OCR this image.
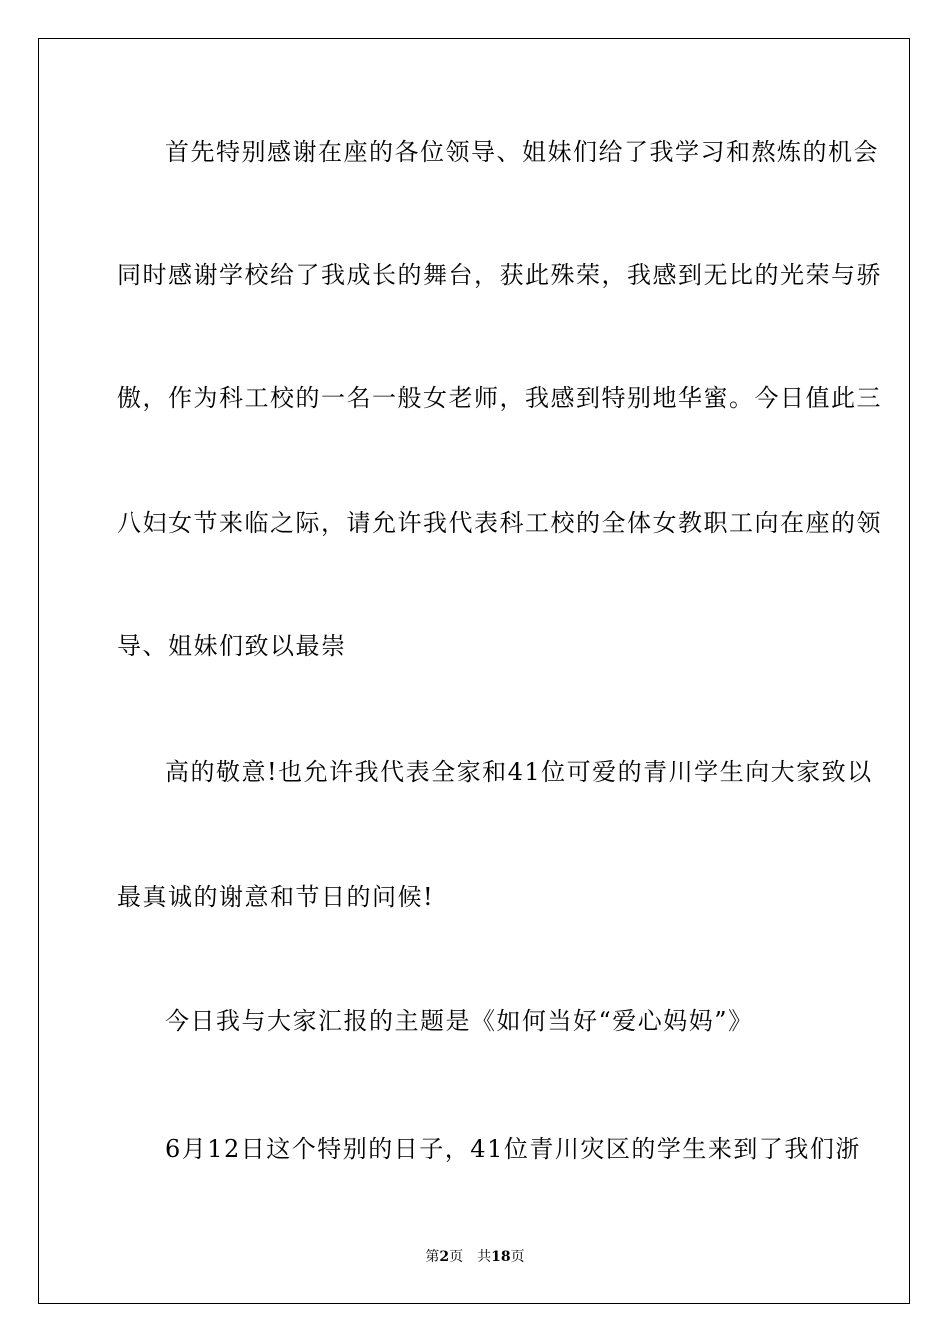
首先特别感谢在座的各位领导、姐妹们给了我学习和熬炼的机会
同时感谢学校给了我成长的舞台，获此殊荣，我感到无比的光荣与骄
傲，作为科工校的一名一般女老师，我感到特别地华蜜。今日值此三
八妇女节来临之际，请允许我代表科工校的全体女教职工向在座的领
导、姐妹们致以最崇
高的敬意!也允许我代表全家和41位可爱的青川学生向大家致以
最真诚的谢意和节日的问候!
今日我与大家汇报的主题是《如何当好“爱心妈妈”》
6月12日这个特别的日子，41位青川灾区的学生来到了我们浙
第2页 共18页
